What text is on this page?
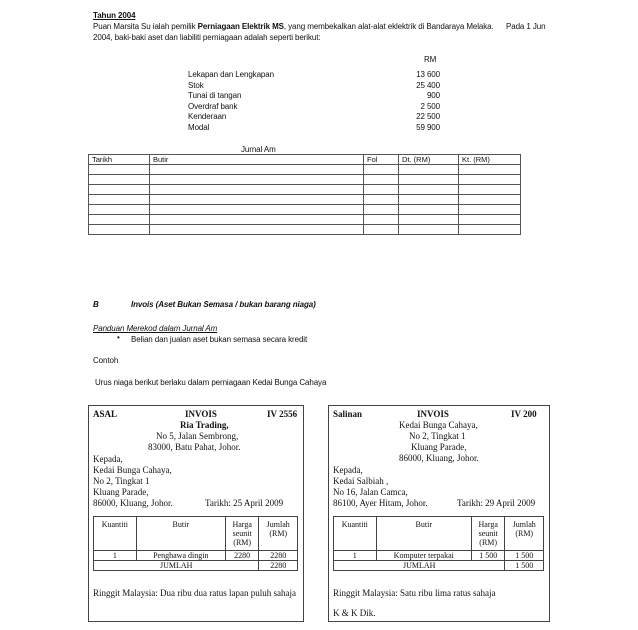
Tahun 2004
Puan Marsita Su ialah pemilik Perniagaan Elektrik MS, yang membekalkan alat-alat eklektrik di Bandaraya Melaka. Pada 1 Jun
2004, baki-baki aset dan liabiliti perniagaan adalah seperti berikut:
RM
Lekapan dan Lengkapan	13 600
Stok	25 400
Tunai di tangan	900
Overdraf bank	2 500
Kenderaan	22 500
Modal	59 900
Jurnal Am
Tarikh	Butir	Fol	Dt. (RM)	Kt. (RM)

B	Invois (Aset Bukan Semasa / bukan barang niaga)
Panduan Merekod dalam Jurnal Am
• Belian dan jualan aset bukan semasa secara kredit
Contoh
Urus niaga berikut berlaku dalam perniagaan Kedai Bunga Cahaya
ASAL	INVOIS	IV 2556
Ria Trading,
No 5, Jalan Sembrong,
83000, Batu Pahat, Johor.
Kepada,
Kedai Bunga Cahaya,
No 2, Tingkat 1
Kluang Parade,
86000, Kluang, Johor.	Tarikh: 25 April 2009
Kuantiti	Butir	Harga seunit (RM)	Jumlah (RM)
1	Penghawa dingin	2280	2280
JUMLAH			2280
Ringgit Malaysia: Dua ribu dua ratus lapan puluh sahaja
Salinan	INVOIS	IV 200
Kedai Bunga Cahaya,
No 2, Tingkat 1
Kluang Parade,
86000, Kluang, Johor.
Kepada,
Kedai Salbiah ,
No 16, Jalan Camca,
86100, Ayer Hitam, Johor.	Tarikh: 29 April 2009
Kuantiti	Butir	Harga seunit (RM)	Jumlah (RM)
1	Komputer terpakai	1 500	1 500
JUMLAH			1 500
Ringgit Malaysia: Satu ribu lima ratus sahaja
K & K Dik.
